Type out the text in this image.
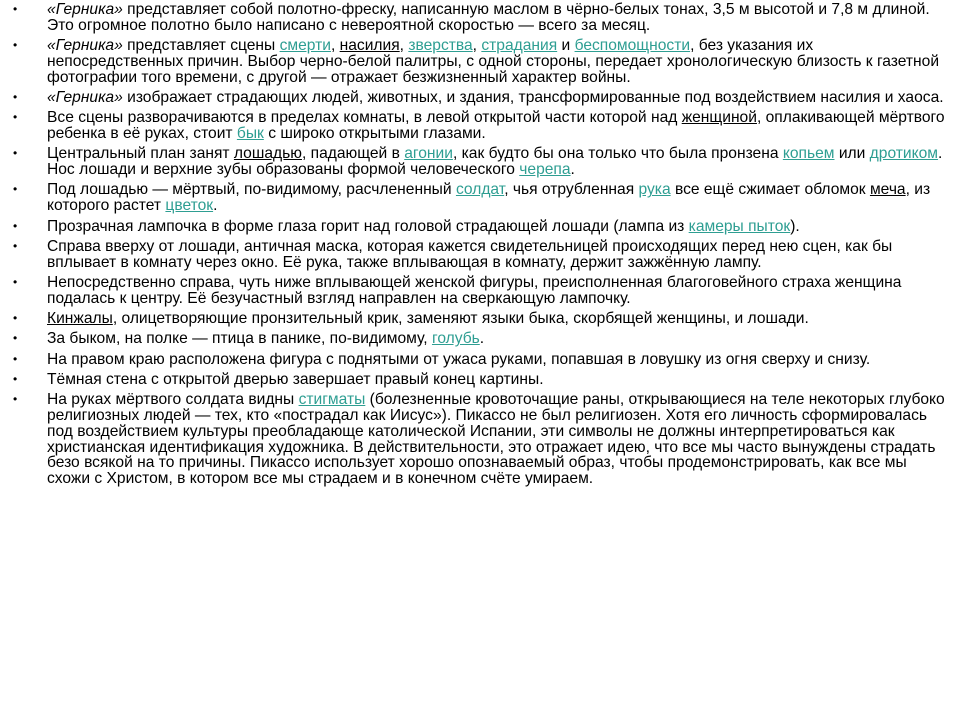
• «Герника» представляет собой полотно-фреску, написанную маслом в чёрно-белых тонах, 3,5 м высотой и 7,8 м длиной. Это огромное полотно было написано с невероятной скоростью — всего за месяц.
• «Герника» представляет сцены смерти, насилия, зверства, страдания и беспомощности, без указания их непосредственных причин. Выбор черно-белой палитры, с одной стороны, передает хронологическую близость к газетной фотографии того времени, с другой — отражает безжизненный характер войны.
• «Герника» изображает страдающих людей, животных, и здания, трансформированные под воздействием насилия и хаоса.
• Все сцены разворачиваются в пределах комнаты, в левой открытой части которой над женщиной, оплакивающей мёртвого ребенка в её руках, стоит бык с широко открытыми глазами.
• Центральный план занят лошадью, падающей в агонии, как будто бы она только что была пронзена копьем или дротиком. Нос лошади и верхние зубы образованы формой человеческого черепа.
• Под лошадью — мёртвый, по-видимому, расчлененный солдат, чья отрубленная рука все ещё сжимает обломок меча, из которого растет цветок.
• Прозрачная лампочка в форме глаза горит над головой страдающей лошади (лампа из камеры пыток).
• Справа вверху от лошади, античная маска, которая кажется свидетельницей происходящих перед нею сцен, как бы вплывает в комнату через окно. Её рука, также вплывающая в комнату, держит зажжённую лампу.
• Непосредственно справа, чуть ниже вплывающей женской фигуры, преисполненная благоговейного страха женщина подалась к центру. Её безучастный взгляд направлен на сверкающую лампочку.
• Кинжалы, олицетворяющие пронзительный крик, заменяют языки быка, скорбящей женщины, и лошади.
• За быком, на полке — птица в панике, по-видимому, голубь.
• На правом краю расположена фигура с поднятыми от ужаса руками, попавшая в ловушку из огня сверху и снизу.
• Тёмная стена с открытой дверью завершает правый конец картины.
• На руках мёртвого солдата видны стигматы (болезненные кровоточащие раны, открывающиеся на теле некоторых глубоко религиозных людей — тех, кто «пострадал как Иисус»). Пикассо не был религиозен. Хотя его личность сформировалась под воздействием культуры преобладающе католической Испании, эти символы не должны интерпретироваться как христианская идентификация художника. В действительности, это отражает идею, что все мы часто вынуждены страдать безо всякой на то причины. Пикассо использует хорошо опознаваемый образ, чтобы продемонстрировать, как все мы схожи с Христом, в котором все мы страдаем и в конечном счёте умираем.
